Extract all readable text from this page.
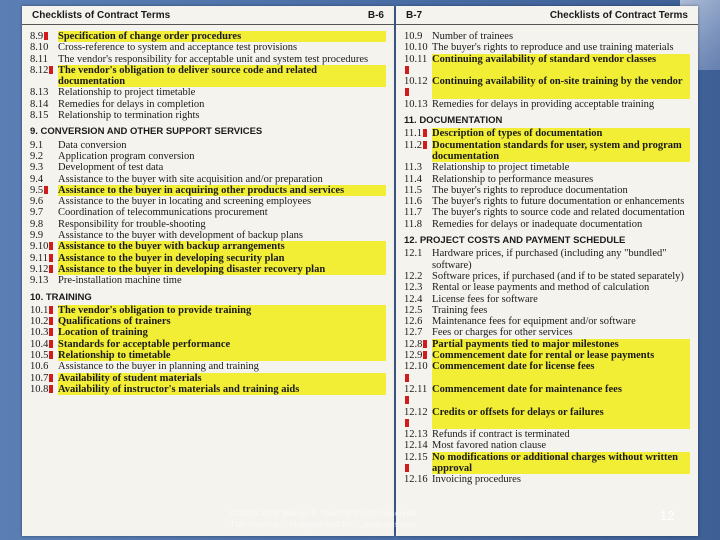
Checklists of Contract Terms	B-6
8.9	Specification of change order procedures
8.10 Cross-reference to system and acceptance test provisions
8.11 The vendor's responsibility for acceptable unit and system test procedures
8.12 The vendor's obligation to deliver source code and related documentation
8.13 Relationship to project timetable
8.14 Remedies for delays in completion
8.15 Relationship to termination rights
9. CONVERSION AND OTHER SUPPORT SERVICES
9.1	Data conversion
9.2	Application program conversion
9.3	Development of test data
9.4	Assistance to the buyer with site acquisition and/or preparation
9.5	Assistance to the buyer in acquiring other products and services
9.6	Assistance to the buyer in locating and screening employees
9.7	Coordination of telecommunications procurement
9.8	Responsibility for trouble-shooting
9.9	Assistance to the buyer with development of backup plans
9.10 Assistance to the buyer with backup arrangements
9.11 Assistance to the buyer in developing security plan
9.12 Assistance to the buyer in developing disaster recovery plan
9.13 Pre-installation machine time
10. TRAINING
10.1 The vendor's obligation to provide training
10.2 Qualifications of trainers
10.3 Location of training
10.4 Standards for acceptable performance
10.5 Relationship to timetable
10.6 Assistance to the buyer in planning and training
10.7 Availability of student materials
10.8 Availability of instructor's materials and training aids
B-7	Checklists of Contract Terms
10.9 Number of trainees
10.10 The buyer's rights to reproduce and use training materials
10.11 Continuing availability of standard vendor classes
10.12 Continuing availability of on-site training by the vendor
10.13 Remedies for delays in providing acceptable training
11. DOCUMENTATION
11.1 Description of types of documentation
11.2 Documentation standards for user, system and program documentation
11.3 Relationship to project timetable
11.4 Relationship to performance measures
11.5 The buyer's rights to reproduce documentation
11.6 The buyer's rights to future documentation or enhancements
11.7 The buyer's rights to source code and related documentation
11.8 Remedies for delays or inadequate documentation
12. PROJECT COSTS AND PAYMENT SCHEDULE
12.1 Hardware prices, if purchased (including any "bundled" software)
12.2 Software prices, if purchased (and if to be stated separately)
12.3 Rental or lease payments and method of calculation
12.4 License fees for software
12.5 Training fees
12.6 Maintenance fees for equipment and/or software
12.7 Fees or charges for other services
12.8 Partial payments tied to major milestones
12.9 Commencement date for rental or lease payments
12.10 Commencement date for license fees
12.11 Commencement date for maintenance fees
12.12 Credits or offsets for delays or failures
12.13 Refunds if contract is terminated
12.14 Most favored nation clause
12.15 No modifications or additional charges without written approval
12.16 Invoicing procedures
© 2006-2008 Warren S. Reid All Rights Reserved
This material ... changed and for ... purposes only
12
